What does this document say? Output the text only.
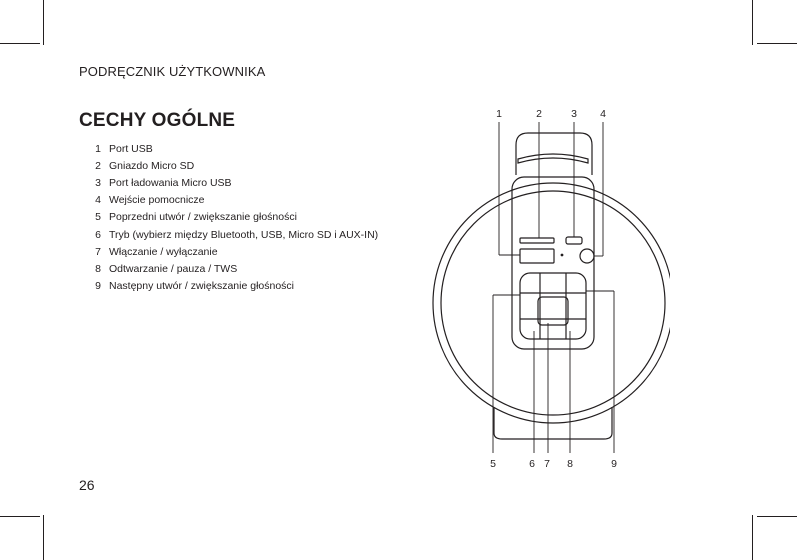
PODRĘCZNIK UŻYTKOWNIKA
CECHY OGÓLNE
1 Port USB
2 Gniazdo Micro SD
3 Port ładowania Micro USB
4 Wejście pomocnicze
5 Poprzedni utwór / zwiększanie głośności
6 Tryb (wybierz między Bluetooth, USB, Micro SD i AUX-IN)
7 Włączanie / wyłączanie
8 Odtwarzanie / pauza / TWS
9 Następny utwór / zwiększanie głośności
26
1	2	3 4
5	6 7 8	9
